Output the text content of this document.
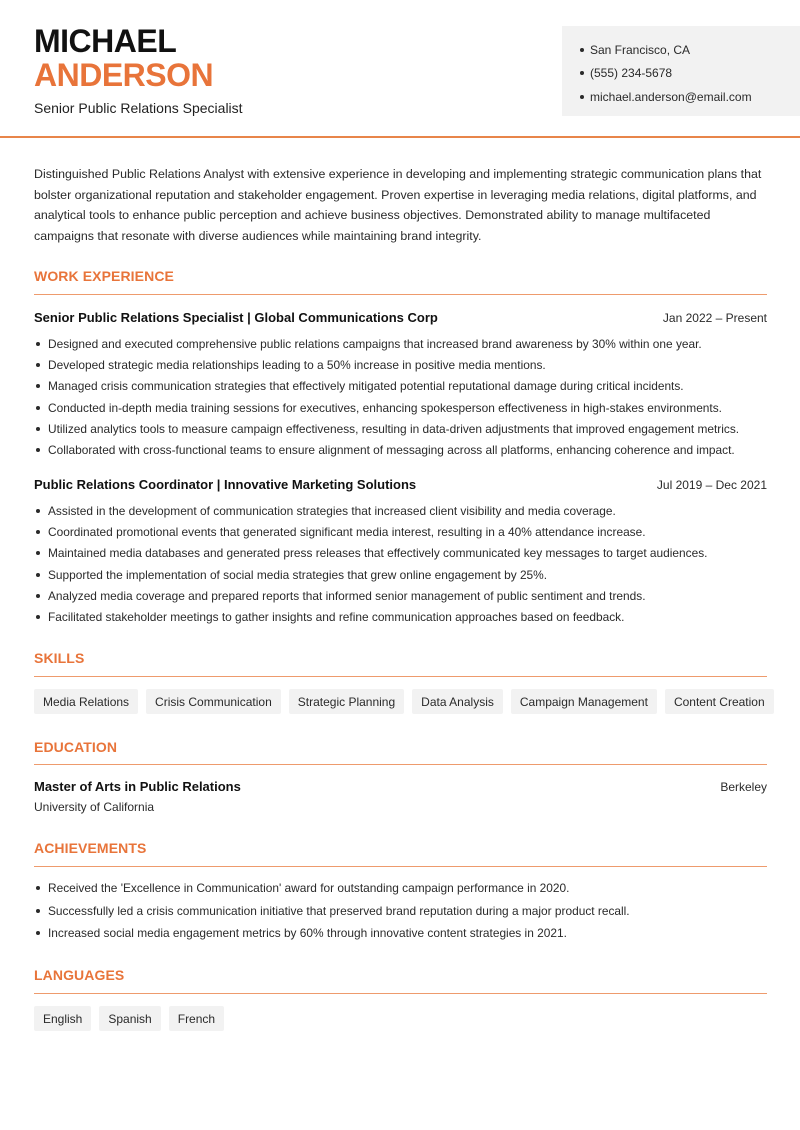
MICHAEL
ANDERSON
Senior Public Relations Specialist
San Francisco, CA
(555) 234-5678
michael.anderson@email.com

Distinguished Public Relations Analyst with extensive experience in developing and implementing strategic communication plans that bolster organizational reputation and stakeholder engagement. Proven expertise in leveraging media relations, digital platforms, and analytical tools to enhance public perception and achieve business objectives. Demonstrated ability to manage multifaceted campaigns that resonate with diverse audiences while maintaining brand integrity.

WORK EXPERIENCE
Senior Public Relations Specialist | Global Communications Corp	Jan 2022 – Present
Designed and executed comprehensive public relations campaigns that increased brand awareness by 30% within one year.
Developed strategic media relationships leading to a 50% increase in positive media mentions.
Managed crisis communication strategies that effectively mitigated potential reputational damage during critical incidents.
Conducted in-depth media training sessions for executives, enhancing spokesperson effectiveness in high-stakes environments.
Utilized analytics tools to measure campaign effectiveness, resulting in data-driven adjustments that improved engagement metrics.
Collaborated with cross-functional teams to ensure alignment of messaging across all platforms, enhancing coherence and impact.
Public Relations Coordinator | Innovative Marketing Solutions	Jul 2019 – Dec 2021
Assisted in the development of communication strategies that increased client visibility and media coverage.
Coordinated promotional events that generated significant media interest, resulting in a 40% attendance increase.
Maintained media databases and generated press releases that effectively communicated key messages to target audiences.
Supported the implementation of social media strategies that grew online engagement by 25%.
Analyzed media coverage and prepared reports that informed senior management of public sentiment and trends.
Facilitated stakeholder meetings to gather insights and refine communication approaches based on feedback.
SKILLS
Media Relations	Crisis Communication	Strategic Planning	Data Analysis	Campaign Management	Content Creation
EDUCATION
Master of Arts in Public Relations	Berkeley
University of California
ACHIEVEMENTS
Received the 'Excellence in Communication' award for outstanding campaign performance in 2020.
Successfully led a crisis communication initiative that preserved brand reputation during a major product recall.
Increased social media engagement metrics by 60% through innovative content strategies in 2021.
LANGUAGES
English	Spanish	French
